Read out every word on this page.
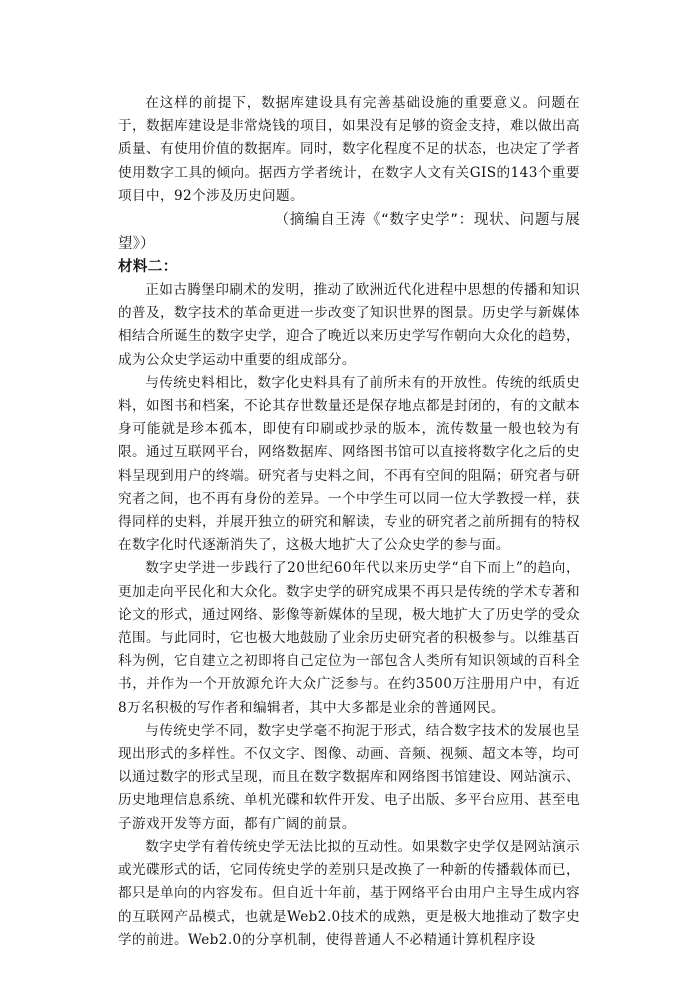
在这样的前提下，数据库建设具有完善基础设施的重要意义。问题在于，数据库建设是非常烧钱的项目，如果没有足够的资金支持，难以做出高质量、有使用价值的数据库。同时，数字化程度不足的状态，也决定了学者使用数字工具的倾向。据西方学者统计，在数字人文有关GIS的143个重要项目中，92个涉及历史问题。

（摘编自王涛《“数字史学”：现状、问题与展望》）

材料二：

正如古腾堡印刷术的发明，推动了欧洲近代化进程中思想的传播和知识的普及，数字技术的革命更进一步改变了知识世界的图景。历史学与新媒体相结合所诞生的数字史学，迎合了晚近以来历史学写作朝向大众化的趋势，成为公众史学运动中重要的组成部分。

与传统史料相比，数字化史料具有了前所未有的开放性。传统的纸质史料，如图书和档案，不论其存世数量还是保存地点都是封闭的，有的文献本身可能就是珍本孤本，即使有印刷或抄录的版本，流传数量一般也较为有限。通过互联网平台，网络数据库、网络图书馆可以直接将数字化之后的史料呈现到用户的终端。研究者与史料之间，不再有空间的阻隔；研究者与研究者之间，也不再有身份的差异。一个中学生可以同一位大学教授一样，获得同样的史料，并展开独立的研究和解读，专业的研究者之前所拥有的特权在数字化时代逐渐消失了，这极大地扩大了公众史学的参与面。

数字史学进一步践行了20世纪60年代以来历史学“自下而上”的趋向，更加走向平民化和大众化。数字史学的研究成果不再只是传统的学术专著和论文的形式，通过网络、影像等新媒体的呈现，极大地扩大了历史学的受众范围。与此同时，它也极大地鼓励了业余历史研究者的积极参与。以维基百科为例，它自建立之初即将自己定位为一部包含人类所有知识领域的百科全书，并作为一个开放源允许大众广泛参与。在约3500万注册用户中，有近8万名积极的写作者和编辑者，其中大多都是业余的普通网民。

与传统史学不同，数字史学毫不拘泥于形式，结合数字技术的发展也呈现出形式的多样性。不仅文字、图像、动画、音频、视频、超文本等，均可以通过数字的形式呈现，而且在数字数据库和网络图书馆建设、网站演示、历史地理信息系统、单机光碟和软件开发、电子出版、多平台应用、甚至电子游戏开发等方面，都有广阔的前景。

数字史学有着传统史学无法比拟的互动性。如果数字史学仅是网站演示或光碟形式的话，它同传统史学的差别只是改换了一种新的传播载体而已，都只是单向的内容发布。但自近十年前，基于网络平台由用户主导生成内容的互联网产品模式，也就是Web2.0技术的成熟，更是极大地推动了数字史学的前进。Web2.0的分享机制，使得普通人不必精通计算机程序设
